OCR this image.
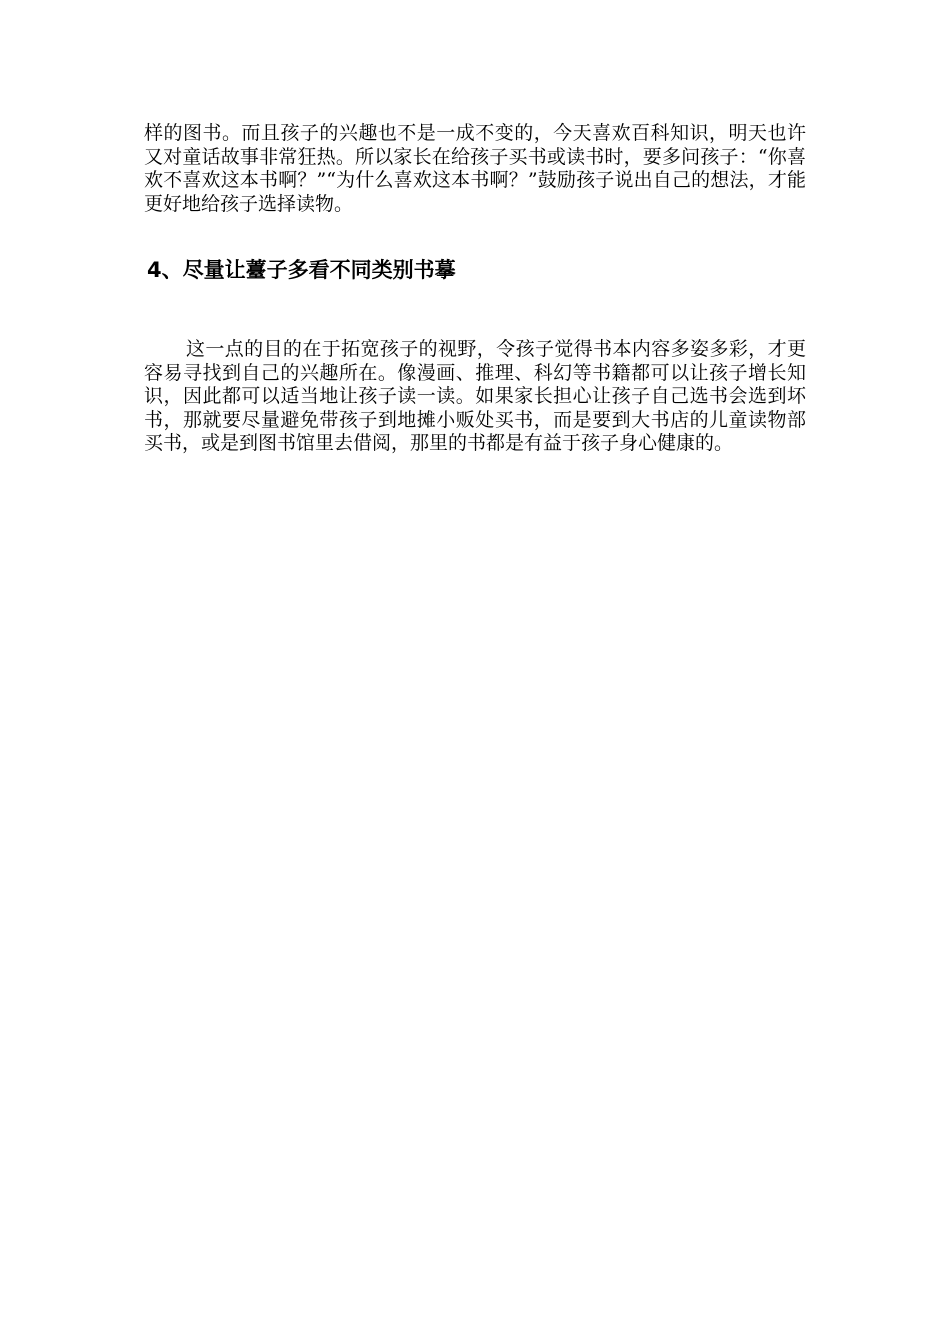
样的图书。而且孩子的兴趣也不是一成不变的，今天喜欢百科知识，明天也许又对童话故事非常狂热。所以家长在给孩子买书或读书时，要多问孩子：“你喜欢不喜欢这本书啊？”“为什么喜欢这本书啊？”鼓励孩子说出自己的想法，才能更好地给孩子选择读物。

4、尽量让薹子多看不同类别书摹

这一点的目的在于拓宽孩子的视野，令孩子觉得书本内容多姿多彩，才更容易寻找到自己的兴趣所在。像漫画、推理、科幻等书籍都可以让孩子增长知识，因此都可以适当地让孩子读一读。如果家长担心让孩子自己选书会选到坏书，那就要尽量避免带孩子到地摊小贩处买书，而是要到大书店的儿童读物部买书，或是到图书馆里去借阅，那里的书都是有益于孩子身心健康的。
